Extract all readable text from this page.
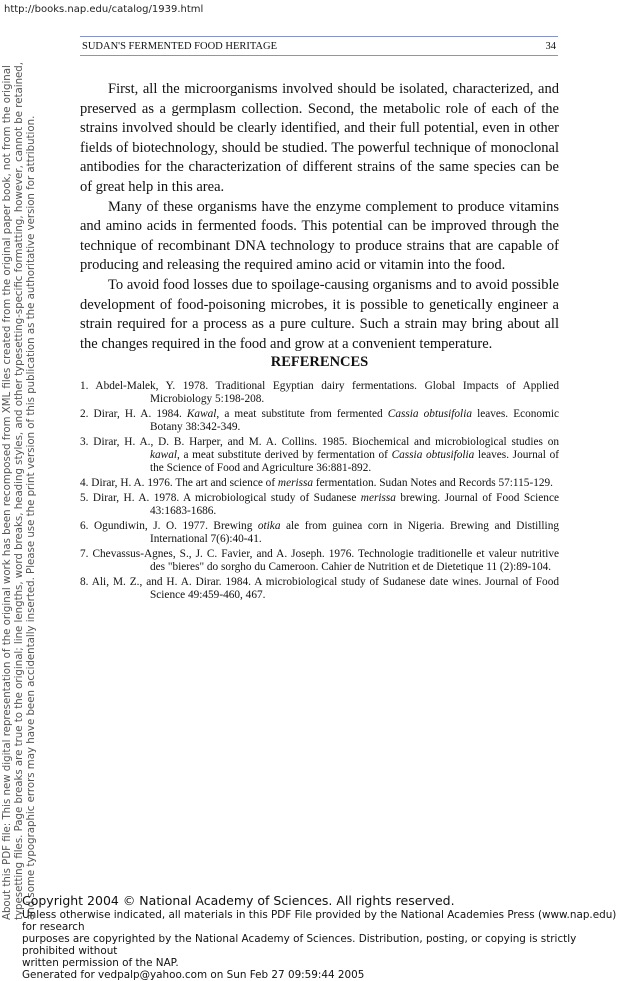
http://books.nap.edu/catalog/1939.html
SUDAN'S FERMENTED FOOD HERITAGE	34
About this PDF file: This new digital representation of the original work has been recomposed from XML files created from the original paper book, not from the original typesetting files. Page breaks are true to the original; line lengths, word breaks, heading styles, and other typesetting-specific formatting, however, cannot be retained, and some typographic errors may have been accidentally inserted. Please use the print version of this publication as the authoritative version for attribution.

First, all the microorganisms involved should be isolated, characterized, and preserved as a germplasm collection. Second, the metabolic role of each of the strains involved should be clearly identified, and their full potential, even in other fields of biotechnology, should be studied. The powerful technique of monoclonal antibodies for the characterization of different strains of the same species can be of great help in this area.

Many of these organisms have the enzyme complement to produce vitamins and amino acids in fermented foods. This potential can be improved through the technique of recombinant DNA technology to produce strains that are capable of producing and releasing the required amino acid or vitamin into the food.

To avoid food losses due to spoilage-causing organisms and to avoid possible development of food-poisoning microbes, it is possible to genetically engineer a strain required for a process as a pure culture. Such a strain may bring about all the changes required in the food and grow at a convenient temperature.

REFERENCES

1. Abdel-Malek, Y. 1978. Traditional Egyptian dairy fermentations. Global Impacts of Applied Microbiology 5:198-208.

2. Dirar, H. A. 1984. Kawal, a meat substitute from fermented Cassia obtusifolia leaves. Economic Botany 38:342-349.

3. Dirar, H. A., D. B. Harper, and M. A. Collins. 1985. Biochemical and microbiological studies on kawal, a meat substitute derived by fermentation of Cassia obtusifolia leaves. Journal of the Science of Food and Agriculture 36:881-892.

4. Dirar, H. A. 1976. The art and science of merissa fermentation. Sudan Notes and Records 57:115-129.

5. Dirar, H. A. 1978. A microbiological study of Sudanese merissa brewing. Journal of Food Science 43:1683-1686.

6. Ogundiwin, J. O. 1977. Brewing otika ale from guinea corn in Nigeria. Brewing and Distilling International 7(6):40-41.

7. Chevassus-Agnes, S., J. C. Favier, and A. Joseph. 1976. Technologie traditionelle et valeur nutritive des "bieres" do sorgho du Cameroon. Cahier de Nutrition et de Dietetique 11 (2):89-104.

8. Ali, M. Z., and H. A. Dirar. 1984. A microbiological study of Sudanese date wines. Journal of Food Science 49:459-460, 467.

Copyright 2004 © National Academy of Sciences. All rights reserved.
Unless otherwise indicated, all materials in this PDF File provided by the National Academies Press (www.nap.edu) for research
purposes are copyrighted by the National Academy of Sciences. Distribution, posting, or copying is strictly prohibited without
written permission of the NAP.
Generated for vedpalp@yahoo.com on Sun Feb 27 09:59:44 2005
